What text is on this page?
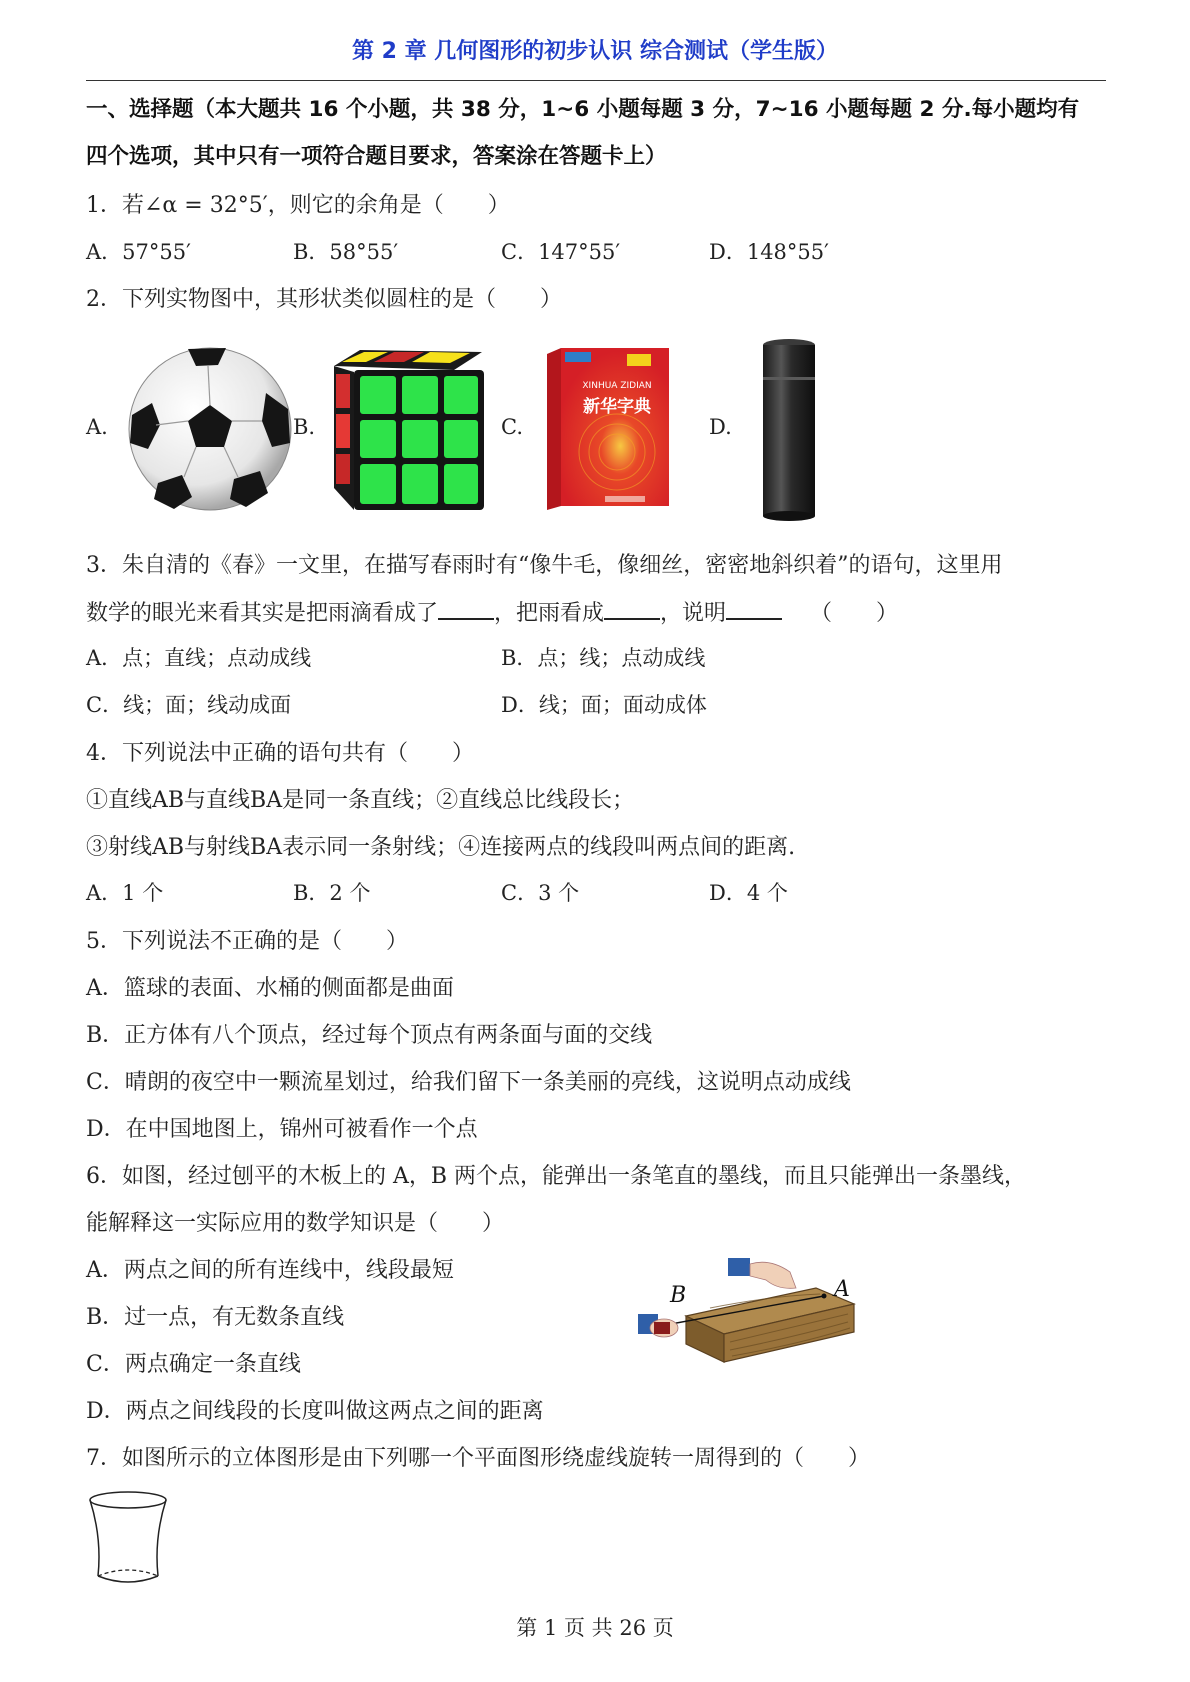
第 2 章 几何图形的初步认识 综合测试（学生版）
一、选择题（本大题共 16 个小题，共 38 分，1~6 小题每题 3 分，7~16 小题每题 2 分.每小题均有
四个选项，其中只有一项符合题目要求，答案涂在答题卡上）
1．若∠α = 32°5′，则它的余角是（　　）
A．57°55′	B．58°55′	C．147°55′	D．148°55′
2．下列实物图中，其形状类似圆柱的是（　　）
A.	B.	C.	D.
XINHUA ZIDIAN
新华字典
3．朱自清的《春》一文里，在描写春雨时有“像牛毛，像细丝，密密地斜织着”的语句，这里用
数学的眼光来看其实是把雨滴看成了	，把雨看成	，说明	（　　）
A．点；直线；点动成线	B．点；线；点动成线
C．线；面；线动成面	D．线；面；面动成体
4．下列说法中正确的语句共有（　　）
①直线AB与直线BA是同一条直线；②直线总比线段长；
③射线AB与射线BA表示同一条射线；④连接两点的线段叫两点间的距离.
A．1 个	B．2 个	C．3 个	D．4 个
5．下列说法不正确的是（　　）
A．篮球的表面、水桶的侧面都是曲面
B．正方体有八个顶点，经过每个顶点有两条面与面的交线
C．晴朗的夜空中一颗流星划过，给我们留下一条美丽的亮线，这说明点动成线
D．在中国地图上，锦州可被看作一个点
6．如图，经过刨平的木板上的 A，B 两个点，能弹出一条笔直的墨线，而且只能弹出一条墨线，
能解释这一实际应用的数学知识是（　　）
A．两点之间的所有连线中，线段最短
B．过一点，有无数条直线
C．两点确定一条直线
D．两点之间线段的长度叫做这两点之间的距离
B	A
7．如图所示的立体图形是由下列哪一个平面图形绕虚线旋转一周得到的（　　）
第 1 页 共 26 页
